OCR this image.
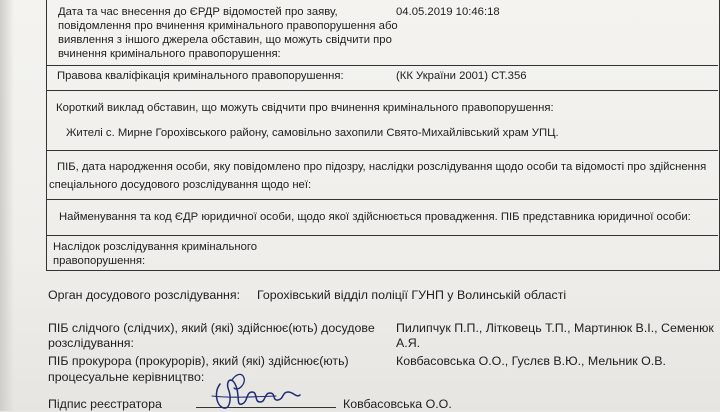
Дата та час внесення до ЄРДР відомостей про заяву,
повідомлення про вчинення кримінального правопорушення або
виявлення з іншого джерела обставин, що можуть свідчити про
вчинення кримінального правопорушення:
04.05.2019 10:46:18
Правова кваліфікація кримінального правопорушення:	(КК України 2001) СТ.356
Короткий виклад обставин, що можуть свідчити про вчинення кримінального правопорушення:
Жителі с. Мирне Горохівського району, самовільно захопили Свято-Михайлівський храм УПЦ.
ПІБ, дата народження особи, яку повідомлено про підозру, наслідки розслідування щодо особи та відомості про здійснення
спеціального досудового розслідування щодо неї:
Найменування та код ЄДР юридичної особи, щодо якої здійснюється провадження. ПІБ представника юридичної особи:
Наслідок розслідування кримінального
правопорушення:
Орган досудового розслідування: Горохівський відділ поліції ГУНП у Волинській області
ПІБ слідчого (слідчих), який (які) здійснює(ють) досудове
розслідування:
Пилипчук П.П., Літковець Т.П., Мартинюк В.І., Семенюк
А.Я.
ПІБ прокурора (прокурорів), який (які) здійснює(ють)
процесуальне керівництво:
Ковбасовська О.О., Гуслєв В.Ю., Мельник О.В.
Підпис реєстратора	Ковбасовська О.О.
